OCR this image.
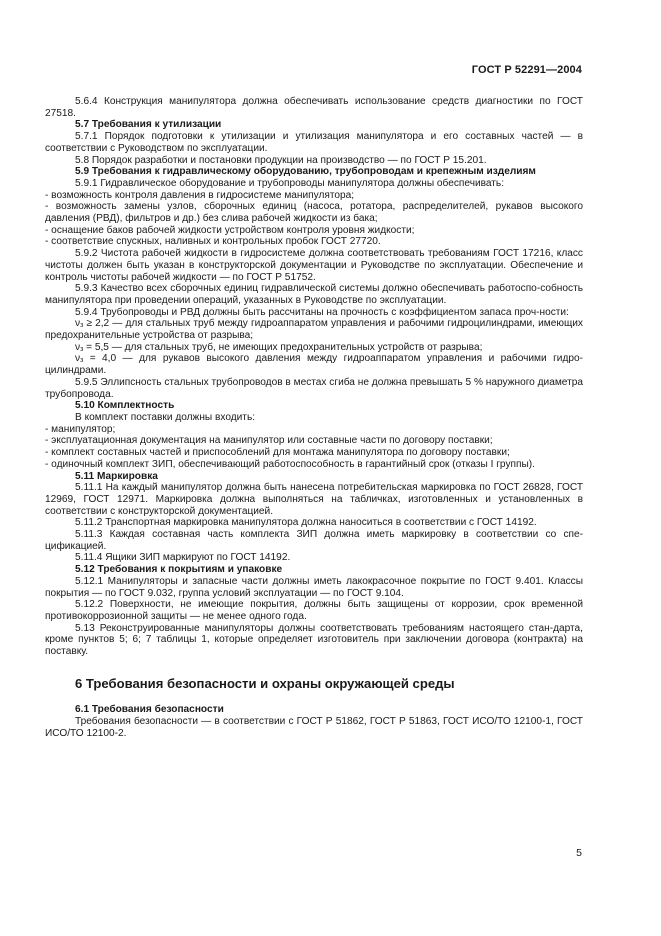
ГОСТ Р 52291—2004

5.6.4 Конструкция манипулятора должна обеспечивать использование средств диагностики по ГОСТ 27518.

5.7 Требования к утилизации

5.7.1 Порядок подготовки к утилизации и утилизация манипулятора и его составных частей — в соответствии с Руководством по эксплуатации.

5.8 Порядок разработки и постановки продукции на производство — по ГОСТ Р 15.201.

5.9 Требования к гидравлическому оборудованию, трубопроводам и крепежным изделиям

5.9.1 Гидравлическое оборудование и трубопроводы манипулятора должны обеспечивать:

- возможность контроля давления в гидросистеме манипулятора;

- возможность замены узлов, сборочных единиц (насоса, ротатора, распределителей, рукавов высокого давления (РВД), фильтров и др.) без слива рабочей жидкости из бака;

- оснащение баков рабочей жидкости устройством контроля уровня жидкости;

- соответствие спускных, наливных и контрольных пробок ГОСТ 27720.

5.9.2 Чистота рабочей жидкости в гидросистеме должна соответствовать требованиям ГОСТ 17216, класс чистоты должен быть указан в конструкторской документации и Руководстве по эксплуатации. Обеспечение и контроль чистоты рабочей жидкости — по ГОСТ Р 51752.

5.9.3 Качество всех сборочных единиц гидравлической системы должно обеспечивать работоспо-собность манипулятора при проведении операций, указанных в Руководстве по эксплуатации.

5.9.4 Трубопроводы и РВД должны быть рассчитаны на прочность с коэффициентом запаса проч-ности:

$\nu_з \ge 2,2$ — для стальных труб между гидроаппаратом управления и рабочими гидроцилиндрами, имеющих предохранительные устройства от разрыва;

$\nu_з = 5,5$ — для стальных труб, не имеющих предохранительных устройств от разрыва;

$\nu_з = 4,0$ — для рукавов высокого давления между гидроаппаратом управления и рабочими гидро-цилиндрами.

5.9.5 Эллипсность стальных трубопроводов в местах сгиба не должна превышать 5 % наружного диаметра трубопровода.

5.10 Комплектность

В комплект поставки должны входить:

- манипулятор;

- эксплуатационная документация на манипулятор или составные части по договору поставки;

- комплект составных частей и приспособлений для монтажа манипулятора по договору поставки;

- одиночный комплект ЗИП, обеспечивающий работоспособность в гарантийный срок (отказы I группы).

5.11 Маркировка

5.11.1 На каждый манипулятор должна быть нанесена потребительская маркировка по ГОСТ 26828, ГОСТ 12969, ГОСТ 12971. Маркировка должна выполняться на табличках, изготовленных и установленных в соответствии с конструкторской документацией.

5.11.2 Транспортная маркировка манипулятора должна наноситься в соответствии с ГОСТ 14192.

5.11.3 Каждая составная часть комплекта ЗИП должна иметь маркировку в соответствии со спе-цификацией.

5.11.4 Ящики ЗИП маркируют по ГОСТ 14192.

5.12 Требования к покрытиям и упаковке

5.12.1 Манипуляторы и запасные части должны иметь лакокрасочное покрытие по ГОСТ 9.401. Классы покрытия — по ГОСТ 9.032, группа условий эксплуатации — по ГОСТ 9.104.

5.12.2 Поверхности, не имеющие покрытия, должны быть защищены от коррозии, срок временной противокоррозионной защиты — не менее одного года.

5.13 Реконструированные манипуляторы должны соответствовать требованиям настоящего стан-дарта, кроме пунктов 5; 6; 7 таблицы 1, которые определяет изготовитель при заключении договора (контракта) на поставку.

6 Требования безопасности и охраны окружающей среды

6.1 Требования безопасности

Требования безопасности — в соответствии с ГОСТ Р 51862, ГОСТ Р 51863, ГОСТ ИСО/ТО 12100-1, ГОСТ ИСО/ТО 12100-2.

5
